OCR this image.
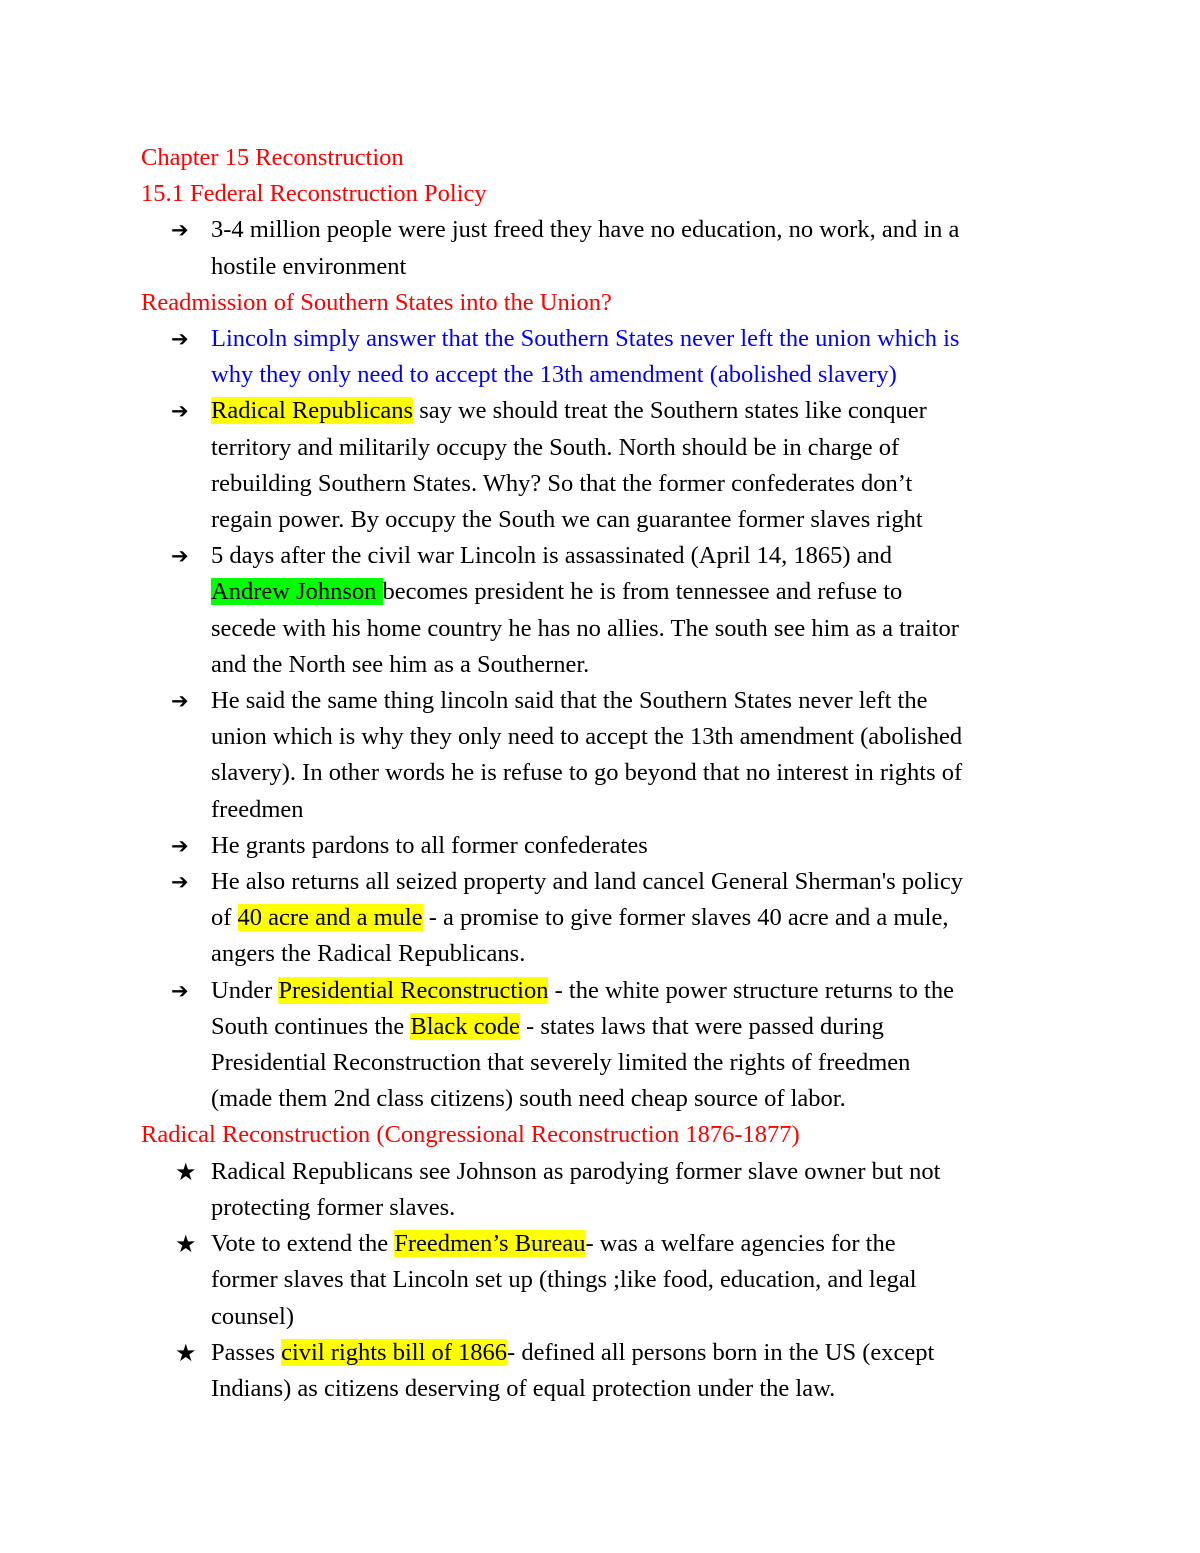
Chapter 15 Reconstruction
15.1 Federal Reconstruction Policy
➔ 3-4 million people were just freed they have no education, no work, and in a
hostile environment
Readmission of Southern States into the Union?
➔ Lincoln simply answer that the Southern States never left the union which is
why they only need to accept the 13th amendment (abolished slavery)
➔ Radical Republicans say we should treat the Southern states like conquer
territory and militarily occupy the South. North should be in charge of
rebuilding Southern States. Why? So that the former confederates don’t
regain power. By occupy the South we can guarantee former slaves right
➔ 5 days after the civil war Lincoln is assassinated (April 14, 1865) and
Andrew Johnson becomes president he is from tennessee and refuse to
secede with his home country he has no allies. The south see him as a traitor
and the North see him as a Southerner.
➔ He said the same thing lincoln said that the Southern States never left the
union which is why they only need to accept the 13th amendment (abolished
slavery). In other words he is refuse to go beyond that no interest in rights of
freedmen
➔ He grants pardons to all former confederates
➔ He also returns all seized property and land cancel General Sherman's policy
of 40 acre and a mule - a promise to give former slaves 40 acre and a mule,
angers the Radical Republicans.
➔ Under Presidential Reconstruction - the white power structure returns to the
South continues the Black code - states laws that were passed during
Presidential Reconstruction that severely limited the rights of freedmen
(made them 2nd class citizens) south need cheap source of labor.
Radical Reconstruction (Congressional Reconstruction 1876-1877)
★ Radical Republicans see Johnson as parodying former slave owner but not
protecting former slaves.
★ Vote to extend the Freedmen’s Bureau- was a welfare agencies for the
former slaves that Lincoln set up (things ;like food, education, and legal
counsel)
★ Passes civil rights bill of 1866- defined all persons born in the US (except
Indians) as citizens deserving of equal protection under the law.
